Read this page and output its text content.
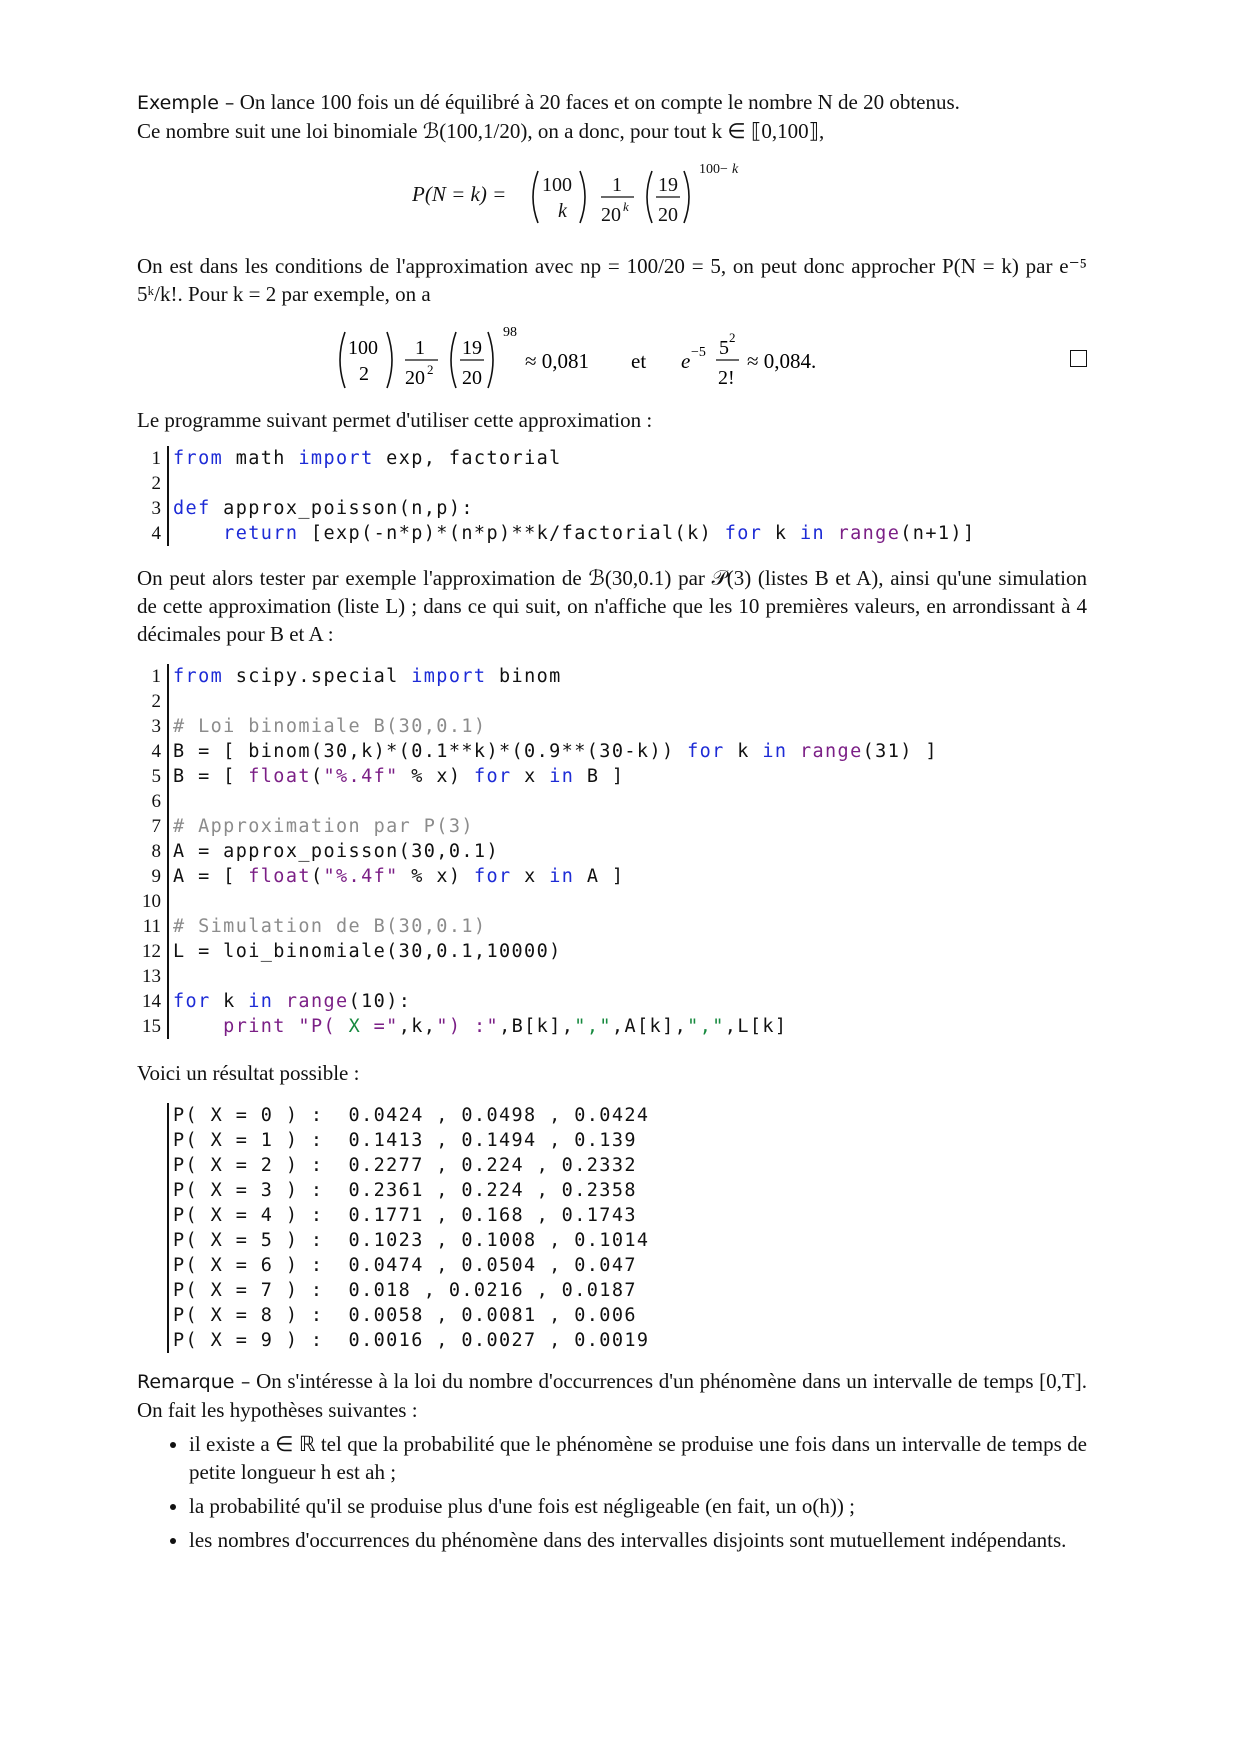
Exemple – On lance 100 fois un dé équilibré à 20 faces et on compte le nombre N de 20 obtenus.
Ce nombre suit une loi binomiale ℬ(100,1/20), on a donc, pour tout k ∈ ⟦0,100⟧,

P(N = k) = 100
k
1
20 k
19
20
100− k

On est dans les conditions de l'approximation avec np = 100/20 = 5, on peut donc approcher P(N = k) par e⁻⁵ 5ᵏ/k!. Pour k = 2 par exemple, on a

100
2
1
20 2
19
20
98
≈ 0,081 et e −5 5 2
2!
≈ 0,084.

Le programme suivant permet d'utiliser cette approximation :

1 from math import exp, factorial
2
3 def approx_poisson(n,p):
4	return [exp(-n*p)*(n*p)**k/factorial(k) for k in range(n+1)]

On peut alors tester par exemple l'approximation de ℬ(30,0.1) par 𝒫(3) (listes B et A), ainsi qu'une simulation de cette approximation (liste L) ; dans ce qui suit, on n'affiche que les 10 premières valeurs, en arrondissant à 4 décimales pour B et A :

1 from scipy.special import binom
2
3 # Loi binomiale B(30,0.1)
4 B = [ binom(30,k)*(0.1**k)*(0.9**(30-k)) for k in range(31) ]
5 B = [ float("%.4f" % x) for x in B ]
6
7 # Approximation par P(3)
8 A = approx_poisson(30,0.1)
9 A = [ float("%.4f" % x) for x in A ]
10
11 # Simulation de B(30,0.1)
12 L = loi_binomiale(30,0.1,10000)
13
14 for k in range(10):
15	print "P( X =",k,") :",B[k],",",A[k],",",L[k]

Voici un résultat possible :

P( X = 0 ) :  0.0424 , 0.0498 , 0.0424
P( X = 1 ) :  0.1413 , 0.1494 , 0.139
P( X = 2 ) :  0.2277 , 0.224 , 0.2332
P( X = 3 ) :  0.2361 , 0.224 , 0.2358
P( X = 4 ) :  0.1771 , 0.168 , 0.1743
P( X = 5 ) :  0.1023 , 0.1008 , 0.1014
P( X = 6 ) :  0.0474 , 0.0504 , 0.047
P( X = 7 ) :  0.018 , 0.0216 , 0.0187
P( X = 8 ) :  0.0058 , 0.0081 , 0.006
P( X = 9 ) :  0.0016 , 0.0027 , 0.0019

Remarque – On s'intéresse à la loi du nombre d'occurrences d'un phénomène dans un intervalle de temps [0,T]. On fait les hypothèses suivantes :

• il existe a ∈ ℝ tel que la probabilité que le phénomène se produise une fois dans un intervalle de temps de petite longueur h est ah ;
• la probabilité qu'il se produise plus d'une fois est négligeable (en fait, un o(h)) ;
• les nombres d'occurrences du phénomène dans des intervalles disjoints sont mutuellement indépendants.
